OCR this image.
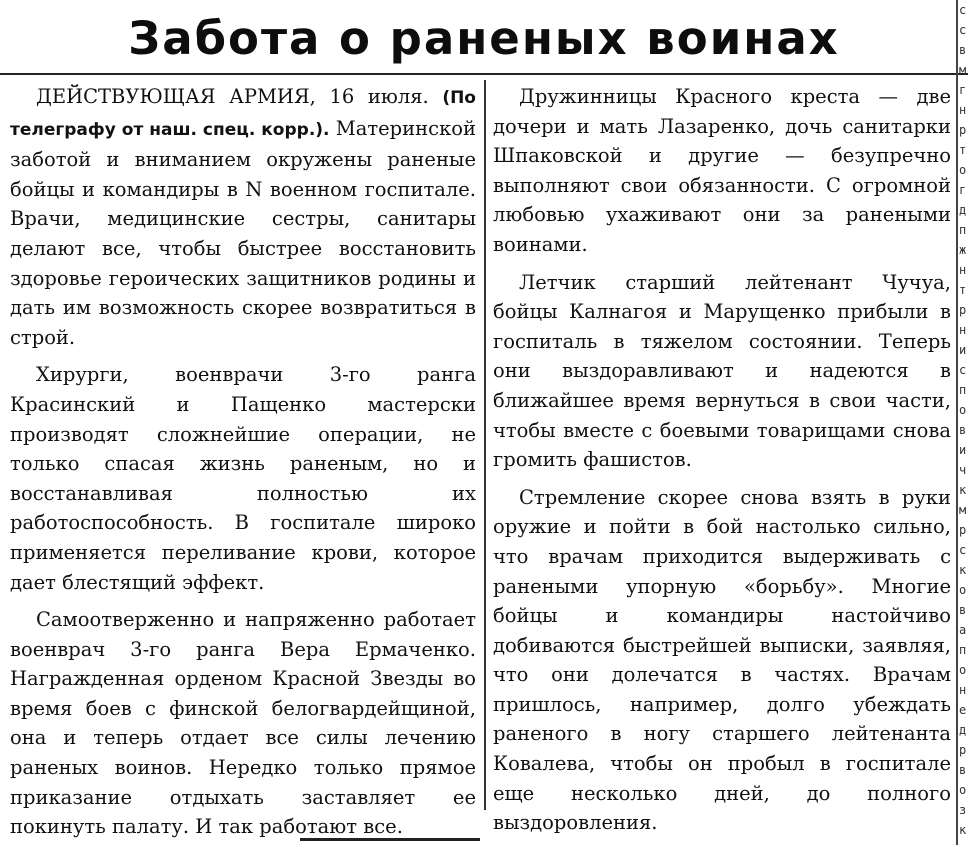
Забота о раненых воинах

ДЕЙСТВУЮЩАЯ АРМИЯ, 16 июля. (По телеграфу от наш. спец. корр.). Материнской заботой и вниманием окружены раненые бойцы и командиры в N военном госпитале. Врачи, медицинские сестры, санитары делают все, чтобы быстрее восстановить здоровье героических защитников родины и дать им возможность скорее возвратиться в строй.

Хирурги, военврачи 3-го ранга Красинский и Пащенко мастерски производят сложнейшие операции, не только спасая жизнь раненым, но и восстанавливая полностью их работоспособность. В госпитале широко применяется переливание крови, которое дает блестящий эффект.

Самоотверженно и напряженно работает военврач 3-го ранга Вера Ермаченко. Награжденная орденом Красной Звезды во время боев с финской белогвардейщиной, она и теперь отдает все силы лечению раненых воинов. Нередко только прямое приказание отдыхать заставляет ее покинуть палату. И так работают все.

Дружинницы Красного креста — две дочери и мать Лазаренко, дочь санитарки Шпаковской и другие — безупречно выполняют свои обязанности. С огромной любовью ухаживают они за ранеными воинами.

Летчик старший лейтенант Чучуа, бойцы Калнагоя и Марущенко прибыли в госпиталь в тяжелом состоянии. Теперь они выздоравливают и надеются в ближайшее время вернуться в свои части, чтобы вместе с боевыми товарищами снова громить фашистов.

Стремление скорее снова взять в руки оружие и пойти в бой настолько сильно, что врачам приходится выдерживать с ранеными упорную «борьбу». Многие бойцы и командиры настойчиво добиваются быстрейшей выписки, заявляя, что они долечатся в частях. Врачам пришлось, например, долго убеждать раненого в ногу старшего лейтенанта Ковалева, чтобы он пробыл в госпитале еще несколько дней, до полного выздоровления.

с
с
в
м
г
н
р
т
о
г
д
п
ж
н
т
р
н
и
с
п
о
в
и
ч
к
м
р
с
к
о
в
а
п
о
н
е
д
р
в
о
з
к
